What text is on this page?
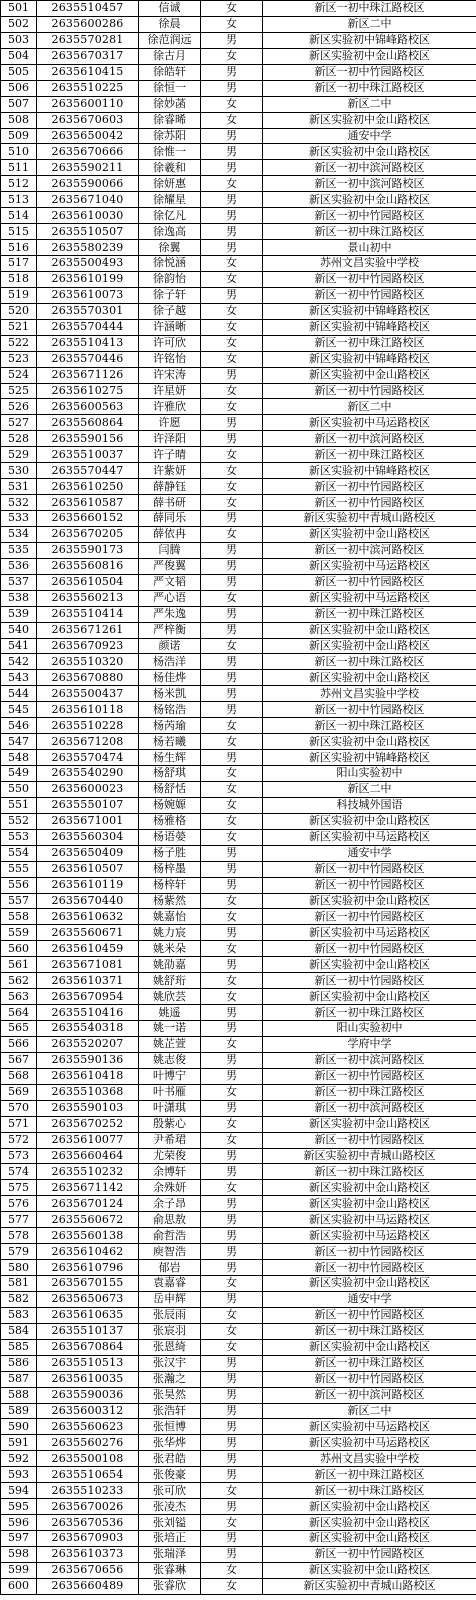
501	2635510457	信诚	女	新区一初中珠江路校区
502	2635600286	徐晨	女	新区二中
503	2635570281	徐范润远	男	新区实验初中锦峰路校区
504	2635670317	徐古月	女	新区实验初中金山路校区
505	2635610415	徐皓轩	男	新区一初中竹园路校区
506	2635510225	徐恒一	男	新区一初中珠江路校区
507	2635600110	徐妙菡	女	新区二中
508	2635670603	徐睿晞	女	新区实验初中金山路校区
509	2635650042	徐苏阳	男	通安中学
510	2635670666	徐惟一	男	新区实验初中金山路校区
511	2635590211	徐羲和	男	新区一初中滨河路校区
512	2635590066	徐妍惠	女	新区一初中滨河路校区
513	2635671040	徐耀星	男	新区实验初中金山路校区
514	2635610030	徐亿凡	男	新区一初中竹园路校区
515	2635510507	徐逸高	男	新区一初中珠江路校区
516	2635580239	徐翼	男	景山初中
517	2635500493	徐悦涵	女	苏州文昌实验中学校
518	2635610199	徐韵怡	女	新区一初中竹园路校区
519	2635610073	徐子轩	男	新区一初中竹园路校区
520	2635570301	徐子越	女	新区实验初中锦峰路校区
521	2635570444	许涵晰	女	新区实验初中锦峰路校区
522	2635510413	许可欣	女	新区一初中珠江路校区
523	2635570446	许铭怡	女	新区实验初中锦峰路校区
524	2635671126	许宋涛	男	新区实验初中金山路校区
525	2635610275	许星妍	女	新区一初中竹园路校区
526	2635600563	许雅欣	女	新区二中
527	2635560864	许愿	男	新区实验初中马运路校区
528	2635590156	许泽阳	男	新区一初中滨河路校区
529	2635510037	许子晴	女	新区一初中珠江路校区
530	2635570447	许紫妍	女	新区实验初中锦峰路校区
531	2635610250	薛静钰	女	新区一初中竹园路校区
532	2635610587	薛书研	女	新区一初中竹园路校区
533	2635660152	薛同乐	男	新区实验初中青城山路校区
534	2635670205	薛依冉	女	新区实验初中金山路校区
535	2635590173	闫腾	男	新区一初中滨河路校区
536	2635560816	严俊翼	男	新区实验初中马运路校区
537	2635610504	严文韬	男	新区一初中竹园路校区
538	2635560213	严心语	女	新区实验初中马运路校区
539	2635510414	严朱逸	男	新区一初中珠江路校区
540	2635671261	严梓衡	男	新区实验初中金山路校区
541	2635670923	颜诺	女	新区实验初中金山路校区
542	2635510320	杨浩洋	男	新区一初中珠江路校区
543	2635670880	杨佳烨	男	新区实验初中金山路校区
544	2635500437	杨米凯	男	苏州文昌实验中学校
545	2635610118	杨铭浩	男	新区一初中竹园路校区
546	2635510228	杨芮瑜	女	新区一初中珠江路校区
547	2635671208	杨若曦	女	新区实验初中金山路校区
548	2635570474	杨生辉	男	新区实验初中锦峰路校区
549	2635540290	杨舒琪	女	阳山实验初中
550	2635600023	杨舒恬	女	新区二中
551	2635550107	杨婉嫄	女	科技城外国语
552	2635671001	杨雅格	女	新区实验初中金山路校区
553	2635560304	杨语嫈	女	新区实验初中马运路校区
554	2635650409	杨子胜	男	通安中学
555	2635610507	杨梓墨	男	新区一初中竹园路校区
556	2635610119	杨梓轩	男	新区一初中竹园路校区
557	2635670440	杨紫然	女	新区实验初中金山路校区
558	2635610632	姚嘉怡	女	新区一初中竹园路校区
559	2635560671	姚力宸	男	新区实验初中马运路校区
560	2635610459	姚米朵	女	新区一初中竹园路校区
561	2635671081	姚劭嘉	男	新区实验初中金山路校区
562	2635610371	姚舒珩	女	新区一初中竹园路校区
563	2635670954	姚欣芸	女	新区实验初中金山路校区
564	2635510416	姚遥	男	新区一初中珠江路校区
565	2635540318	姚一诺	男	阳山实验初中
566	2635520207	姚芷萱	女	学府中学
567	2635590136	姚志俊	男	新区一初中滨河路校区
568	2635610418	叶博宁	男	新区一初中竹园路校区
569	2635510368	叶书雁	女	新区一初中珠江路校区
570	2635590103	叶潇琪	男	新区一初中滨河路校区
571	2635670252	殷紫心	女	新区实验初中金山路校区
572	2635610077	尹希珺	女	新区一初中竹园路校区
573	2635660464	尤荣俊	男	新区实验初中青城山路校区
574	2635510232	余博轩	男	新区一初中珠江路校区
575	2635671142	余殊妍	女	新区实验初中金山路校区
576	2635670124	余子昂	男	新区实验初中金山路校区
577	2635560672	俞思敖	男	新区实验初中马运路校区
578	2635560138	俞哲浩	男	新区实验初中马运路校区
579	2635610462	庾智浩	男	新区一初中竹园路校区
580	2635610796	郁岩	男	新区一初中竹园路校区
581	2635670155	袁嘉睿	女	新区实验初中金山路校区
582	2635650673	岳申辉	男	通安中学
583	2635610635	张辰雨	女	新区一初中竹园路校区
584	2635510137	张宸羽	女	新区一初中珠江路校区
585	2635670864	张恩绮	女	新区实验初中金山路校区
586	2635510513	张汉宇	男	新区一初中珠江路校区
587	2635610035	张瀚之	男	新区一初中竹园路校区
588	2635590036	张昊然	男	新区一初中滨河路校区
589	2635600312	张浩轩	男	新区二中
590	2635560623	张恒博	男	新区实验初中马运路校区
591	2635560276	张华烨	男	新区实验初中马运路校区
592	2635500108	张君皓	男	苏州文昌实验中学校
593	2635510654	张俊豪	男	新区一初中珠江路校区
594	2635510233	张可欣	女	新区一初中珠江路校区
595	2635670026	张凌杰	男	新区实验初中金山路校区
596	2635670536	张刘镒	女	新区实验初中金山路校区
597	2635670903	张培正	男	新区实验初中金山路校区
598	2635610373	张瑞泽	男	新区一初中竹园路校区
599	2635670656	张睿琳	女	新区实验初中金山路校区
600	2635660489	张睿欣	女	新区实验初中青城山路校区
